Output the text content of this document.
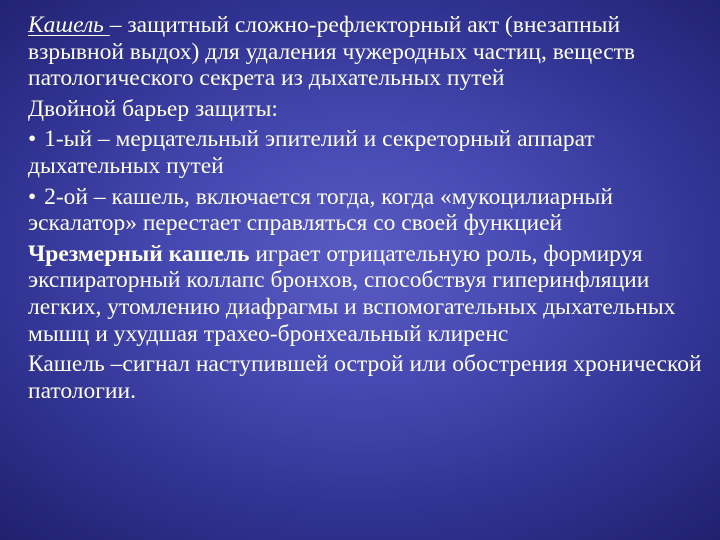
Кашель – защитный сложно-рефлекторный акт (внезапный взрывной выдох) для удаления чужеродных частиц, веществ патологического секрета из дыхательных путей

Двойной барьер защиты:

• 1-ый – мерцательный эпителий и секреторный аппарат дыхательных путей

• 2-ой – кашель, включается тогда, когда «мукоцилиарный эскалатор» перестает справляться со своей функцией

Чрезмерный кашель играет отрицательную роль, формируя экспираторный коллапс бронхов, способствуя гиперинфляции легких, утомлению диафрагмы и вспомогательных дыхательных мышц и ухудшая трахео-бронхеальный клиренс

Кашель –сигнал наступившей острой или обострения хронической патологии.
